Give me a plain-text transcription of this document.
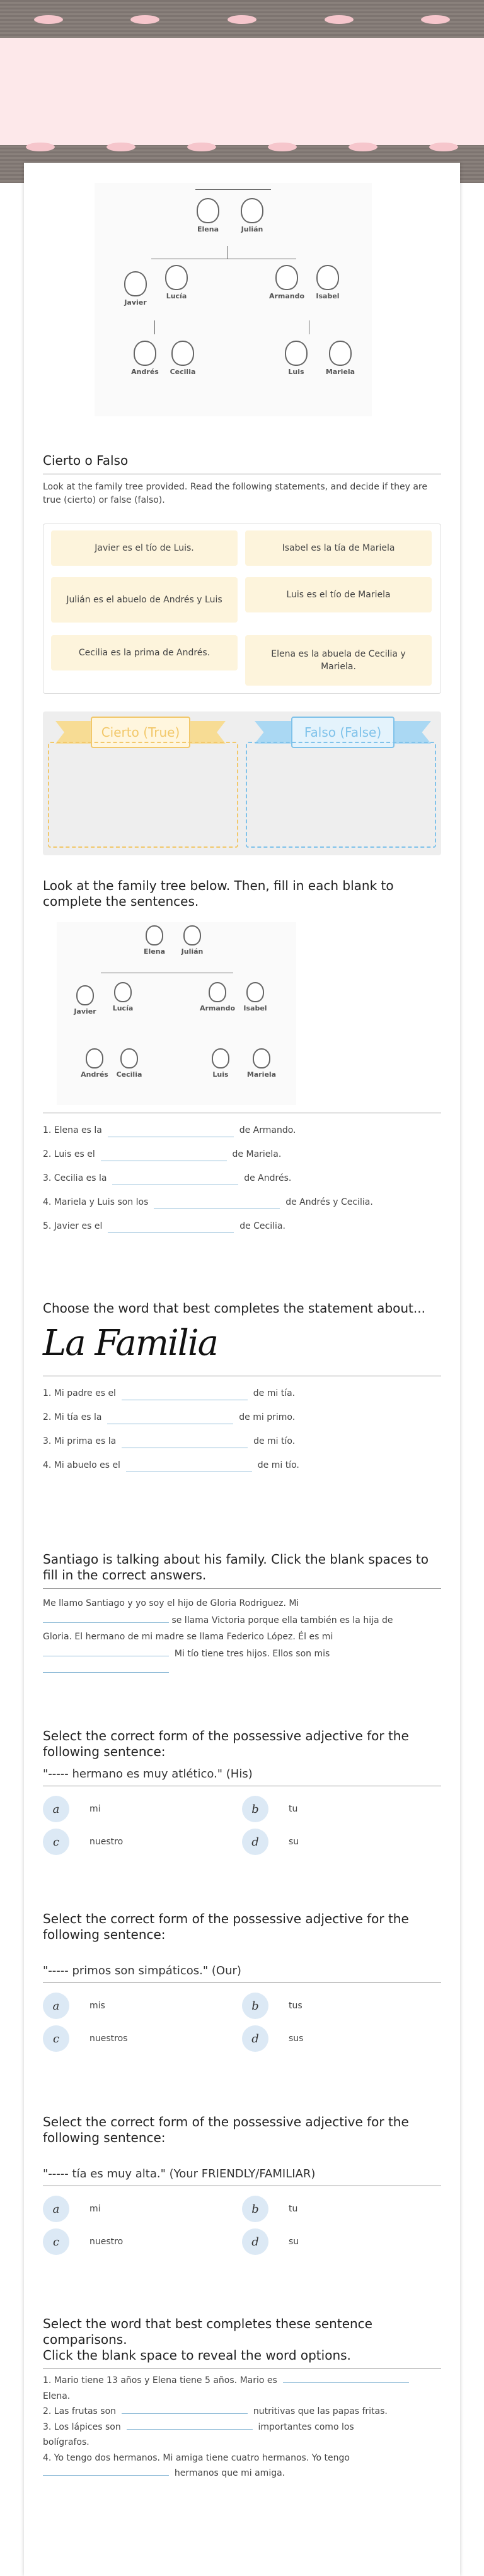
Elena	Julián
Javier
Lucía	Armando	Isabel
Andrés	Cecilia	Luis	Mariela
Cierto o Falso
Look at the family tree provided. Read the following statements, and decide if they are true (cierto) or false (falso).
Javier es el tío de Luis.	Isabel es la tía de Mariela
Julián es el abuelo de Andrés y Luis	Luis es el tío de Mariela
Cecilia es la prima de Andrés.	Elena es la abuela de Cecilia y Mariela.
Cierto (True)	Falso (False)
Look at the family tree below. Then, fill in each blank to complete the sentences.
Elena	Julián
Javier	Lucía	Armando	Isabel
Andrés	Cecilia	Luis	Mariela
1. Elena es la

	de Armando.
2. Luis es el

	de Mariela.
3. Cecilia es la

	de Andrés.
4. Mariela y Luis son los

	de Andrés y Cecilia.
5. Javier es el

	de Cecilia.
Choose the word that best completes the statement about...
La Familia
1. Mi padre es el

	de mi tía.
2. Mi tía es la

	de mi primo.
3. Mi prima es la

	de mi tío.
4. Mi abuelo es el

	de mi tío.
Santiago is talking about his family. Click the blank spaces to fill in the correct answers.
Me llamo Santiago y yo soy el hijo de Gloria Rodriguez. Mi
se llama Victoria porque ella también es la hija de
Gloria. El hermano de mi madre se llama Federico López. Él es mi
Mi tío tiene tres hijos. Ellos son mis

Select the correct form of the possessive adjective for the following sentence:
"----- hermano es muy atlético." (His)
a	mi	b	tu
c	nuestro	d	su
Select the correct form of the possessive adjective for the following sentence:
"----- primos son simpáticos." (Our)
a	mis	b	tus
c	nuestros	d	sus
Select the correct form of the possessive adjective for the following sentence:
"----- tía es muy alta." (Your FRIENDLY/FAMILIAR)
a	mi	b	tu
c	nuestro	d	su
Select the word that best completes these sentence comparisons.
Click the blank space to reveal the word options.
1. Mario tiene 13 años y Elena tiene 5 años. Mario es
Elena.
2. Las frutas son	nutritivas que las papas fritas.
3. Los lápices son	importantes como los
bolígrafos.
4. Yo tengo dos hermanos. Mi amiga tiene cuatro hermanos. Yo tengo
hermanos que mi amiga.
